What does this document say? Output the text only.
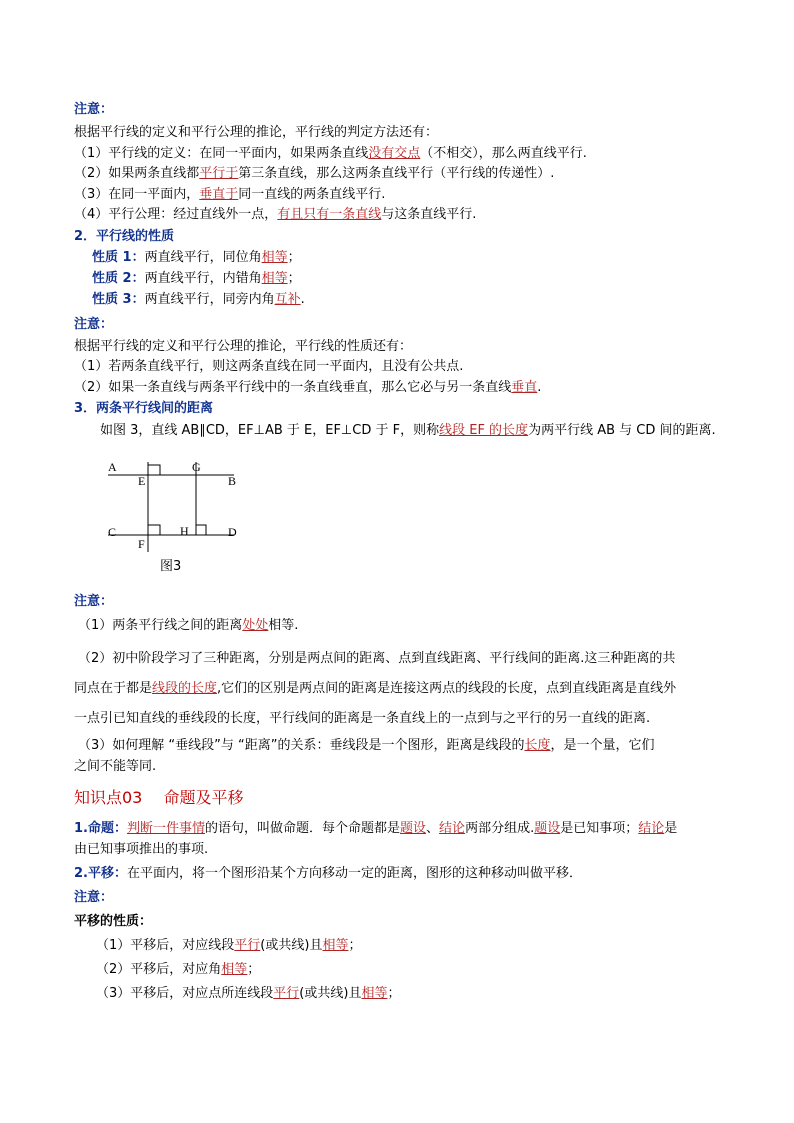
注意：
根据平行线的定义和平行公理的推论，平行线的判定方法还有：
（1）平行线的定义：在同一平面内，如果两条直线没有交点（不相交），那么两直线平行.
（2）如果两条直线都平行于第三条直线，那么这两条直线平行（平行线的传递性）.
（3）在同一平面内，垂直于同一直线的两条直线平行.
（4）平行公理：经过直线外一点，有且只有一条直线与这条直线平行.
2．平行线的性质
性质 1：两直线平行，同位角相等；
性质 2：两直线平行，内错角相等；
性质 3：两直线平行，同旁内角互补.
注意：
根据平行线的定义和平行公理的推论，平行线的性质还有：
（1）若两条直线平行，则这两条直线在同一平面内，且没有公共点.
（2）如果一条直线与两条平行线中的一条直线垂直，那么它必与另一条直线垂直.
3．两条平行线间的距离
如图 3，直线 AB∥CD，EF⊥AB 于 E，EF⊥CD 于 F，则称线段 EF 的长度为两平行线 AB 与 CD 间的距离.
A
E
G
B
C	H	D
F
图3
注意：
（1）两条平行线之间的距离处处相等.
（2）初中阶段学习了三种距离，分别是两点间的距离、点到直线距离、平行线间的距离.这三种距离的共
同点在于都是线段的长度,它们的区别是两点间的距离是连接这两点的线段的长度，点到直线距离是直线外
一点引已知直线的垂线段的长度，平行线间的距离是一条直线上的一点到与之平行的另一直线的距离.
（3）如何理解 “垂线段”与 “距离”的关系：垂线段是一个图形，距离是线段的长度，是一个量，它们
之间不能等同.
知识点03　 命题及平移
1.命题：判断一件事情的语句，叫做命题．每个命题都是题设、结论两部分组成.题设是已知事项；结论是
由已知事项推出的事项.
2.平移：在平面内，将一个图形沿某个方向移动一定的距离，图形的这种移动叫做平移．
注意：
平移的性质：
（1）平移后，对应线段平行(或共线)且相等；
（2）平移后，对应角相等；
（3）平移后，对应点所连线段平行(或共线)且相等；
